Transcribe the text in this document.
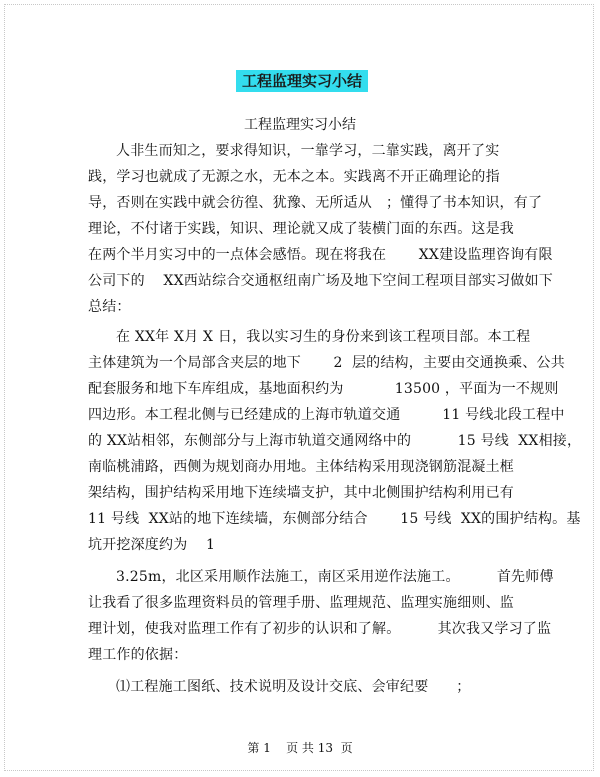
工程监理实习小结
工程监理实习小结
人非生而知之，要求得知识，一靠学习，二靠实践，离开了实
践，学习也就成了无源之水，无本之本。实践离不开正确理论的指
导，否则在实践中就会彷徨、犹豫、无所适从   ；懂得了书本知识，有了
理论，不付诸于实践，知识、理论就又成了装横门面的东西。这是我
在两个半月实习中的一点体会感悟。现在将我在       XX建设监理咨询有限
公司下的    XX西站综合交通枢纽南广场及地下空间工程项目部实习做如下
总结：
在 XX年 X月 X 日，我以实习生的身份来到该工程项目部。本工程
主体建筑为一个局部含夹层的地下       2  层的结构，主要由交通换乘、公共
配套服务和地下车库组成，基地面积约为           13500 ，平面为一不规则
四边形。本工程北侧与已经建成的上海市轨道交通         11 号线北段工程中
的 XX站相邻，东侧部分与上海市轨道交通网络中的          15 号线  XX相接，
南临桃浦路，西侧为规划商办用地。主体结构采用现浇钢筋混凝土框
架结构，围护结构采用地下连续墙支护，其中北侧围护结构利用已有
11 号线  XX站的地下连续墙，东侧部分结合       15 号线  XX的围护结构。基
坑开挖深度约为    1
3.25m，北区采用顺作法施工，南区采用逆作法施工。        首先师傅
让我看了很多监理资料员的管理手册、监理规范、监理实施细则、监
理计划，使我对监理工作有了初步的认识和了解。        其次我又学习了监
理工作的依据：
⑴工程施工图纸、技术说明及设计交底、会审纪要      ；
第 1    页 共 13  页
